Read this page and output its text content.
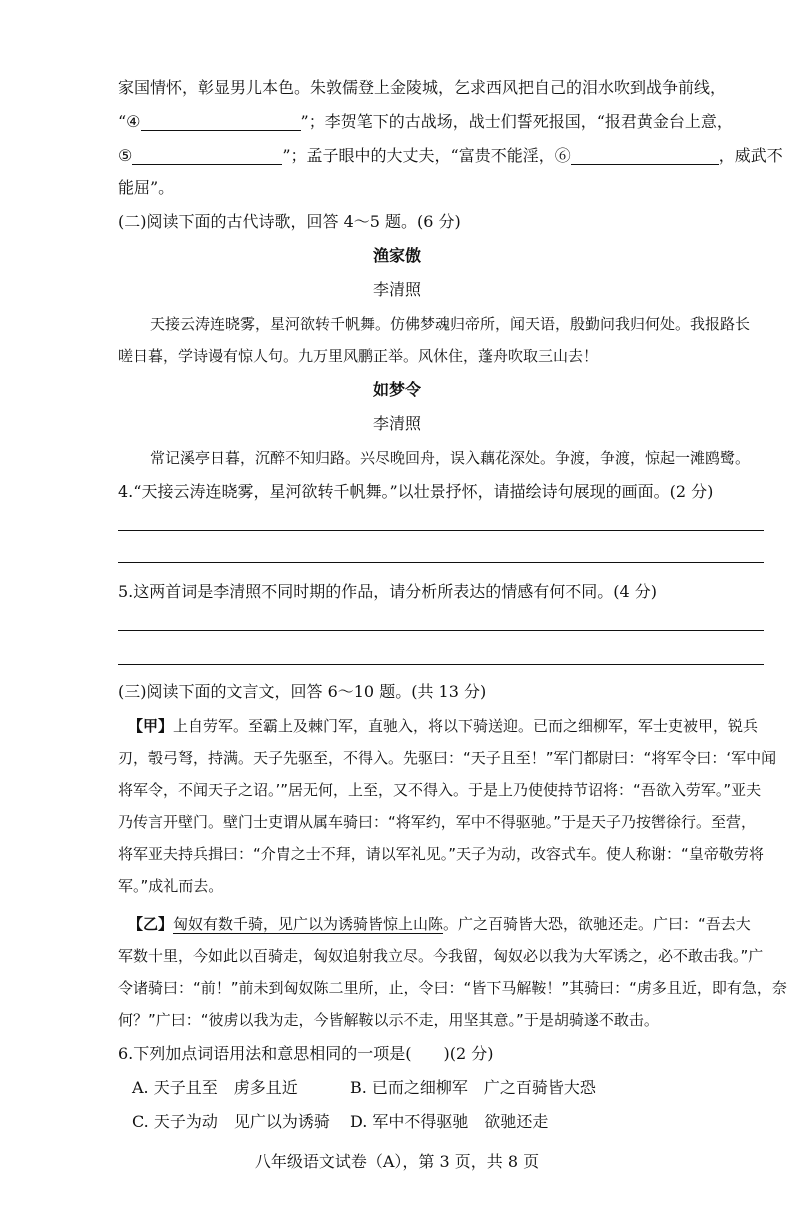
家国情怀，彰显男儿本色。朱敦儒登上金陵城，乞求西风把自己的泪水吹到战争前线，
“④	”；李贺笔下的古战场，战士们誓死报国，“报君黄金台上意，
⑤	”；孟子眼中的大丈夫，“富贵不能淫，⑥	，威武不
能屈”。
(二)阅读下面的古代诗歌，回答 4～5 题。(6 分)
渔家傲
李清照
天接云涛连晓雾，星河欲转千帆舞。仿佛梦魂归帝所，闻天语，殷勤问我归何处。我报路长
嗟日暮，学诗谩有惊人句。九万里风鹏正举。风休住，蓬舟吹取三山去！
如梦令
李清照
常记溪亭日暮，沉醉不知归路。兴尽晚回舟，误入藕花深处。争渡，争渡，惊起一滩鸥鹭。
4.“天接云涛连晓雾，星河欲转千帆舞。”以壮景抒怀，请描绘诗句展现的画面。(2 分)
5.这两首词是李清照不同时期的作品，请分析所表达的情感有何不同。(4 分)
(三)阅读下面的文言文，回答 6～10 题。(共 13 分)
【甲】上自劳军。至霸上及棘门军，直驰入，将以下骑送迎。已而之细柳军，军士吏被甲，锐兵
刃，彀弓弩，持满。天子先驱至，不得入。先驱曰：“天子且至！”军门都尉曰：“将军令曰：‘军中闻
将军令，不闻天子之诏。’”居无何，上至，又不得入。于是上乃使使持节诏将：“吾欲入劳军。”亚夫
乃传言开壁门。壁门士吏谓从属车骑曰：“将军约，军中不得驱驰。”于是天子乃按辔徐行。至营，
将军亚夫持兵揖曰：“介胄之士不拜，请以军礼见。”天子为动，改容式车。使人称谢：“皇帝敬劳将
军。”成礼而去。
【乙】匈奴有数千骑，见广以为诱骑皆惊上山陈。广之百骑皆大恐，欲驰还走。广曰：“吾去大
军数十里，今如此以百骑走，匈奴追射我立尽。今我留，匈奴必以我为大军诱之，必不敢击我。”广
令诸骑曰：“前！”前未到匈奴陈二里所，止，令曰：“皆下马解鞍！”其骑曰：“虏多且近，即有急，奈
何？”广曰：“彼虏以我为走，今皆解鞍以示不走，用坚其意。”于是胡骑遂不敢击。
6.下列加点词语用法和意思相同的一项是(　　)(2 分)
A. 天子且至　虏多且近	B. 已而之细柳军　广之百骑皆大恐
C. 天子为动　见广以为诱骑 D. 军中不得驱驰　欲驰还走
八年级语文试卷（A），第 3 页，共 8 页
